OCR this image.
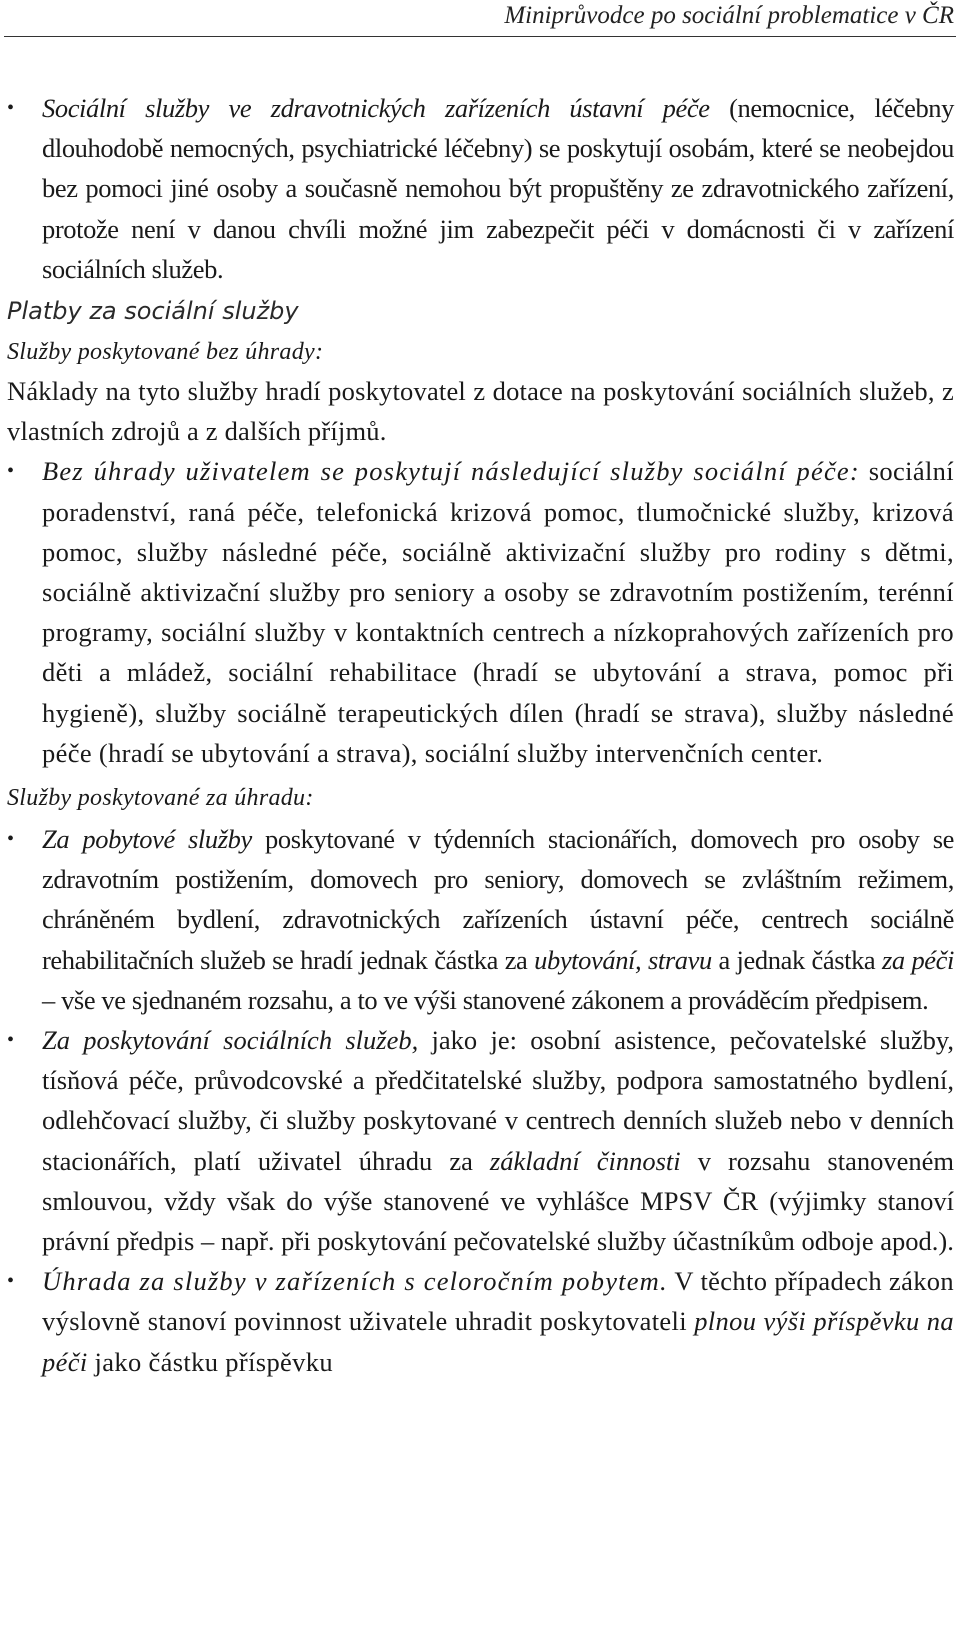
Miniprůvodce po sociální problematice v ČR
• Sociální služby ve zdravotnických zařízeních ústavní péče (nemocnice, léčebny dlouhodobě nemocných, psychiatrické léčebny) se poskytují osobám, které se neobejdou bez pomoci jiné osoby a současně nemohou být propuštěny ze zdravotnického zařízení, protože není v danou chvíli možné jim zabezpečit péči v domácnosti či v zařízení sociálních služeb.
Platby za sociální služby
Služby poskytované bez úhrady:
Náklady na tyto služby hradí poskytovatel z dotace na poskytování sociálních služeb, z vlastních zdrojů a z dalších příjmů.
• Bez úhrady uživatelem se poskytují následující služby sociální péče: sociální poradenství, raná péče, telefonická krizová pomoc, tlumočnické služby, krizová pomoc, služby následné péče, sociálně aktivizační služby pro rodiny s dětmi, sociálně aktivizační služby pro seniory a osoby se zdravotním postižením, terénní programy, sociální služby v kontaktních centrech a nízkoprahových zařízeních pro děti a mládež, sociální rehabilitace (hradí se ubytování a strava, pomoc při hygieně), služby sociálně terapeutických dílen (hradí se strava), služby následné péče (hradí se ubytování a strava), sociální služby intervenčních center.
Služby poskytované za úhradu:
• Za pobytové služby poskytované v týdenních stacionářích, domovech pro osoby se zdravotním postižením, domovech pro seniory, domovech se zvláštním režimem, chráněném bydlení, zdravotnických zařízeních ústavní péče, centrech sociálně rehabilitačních služeb se hradí jednak částka za ubytování, stravu a jednak částka za péči – vše ve sjednaném rozsahu, a to ve výši stanovené zákonem a prováděcím předpisem.
• Za poskytování sociálních služeb, jako je: osobní asistence, pečovatelské služby, tísňová péče, průvodcovské a předčitatelské služby, podpora samostatného bydlení, odlehčovací služby, či služby poskytované v centrech denních služeb nebo v denních stacionářích, platí uživatel úhradu za základní činnosti v rozsahu stanoveném smlouvou, vždy však do výše stanovené ve vyhlášce MPSV ČR (výjimky stanoví právní předpis – např. při poskytování pečovatelské služby účastníkům odboje apod.).
• Úhrada za služby v zařízeních s celoročním pobytem. V těchto případech zákon výslovně stanoví povinnost uživatele uhradit poskytovateli plnou výši příspěvku na péči jako částku příspěvku
